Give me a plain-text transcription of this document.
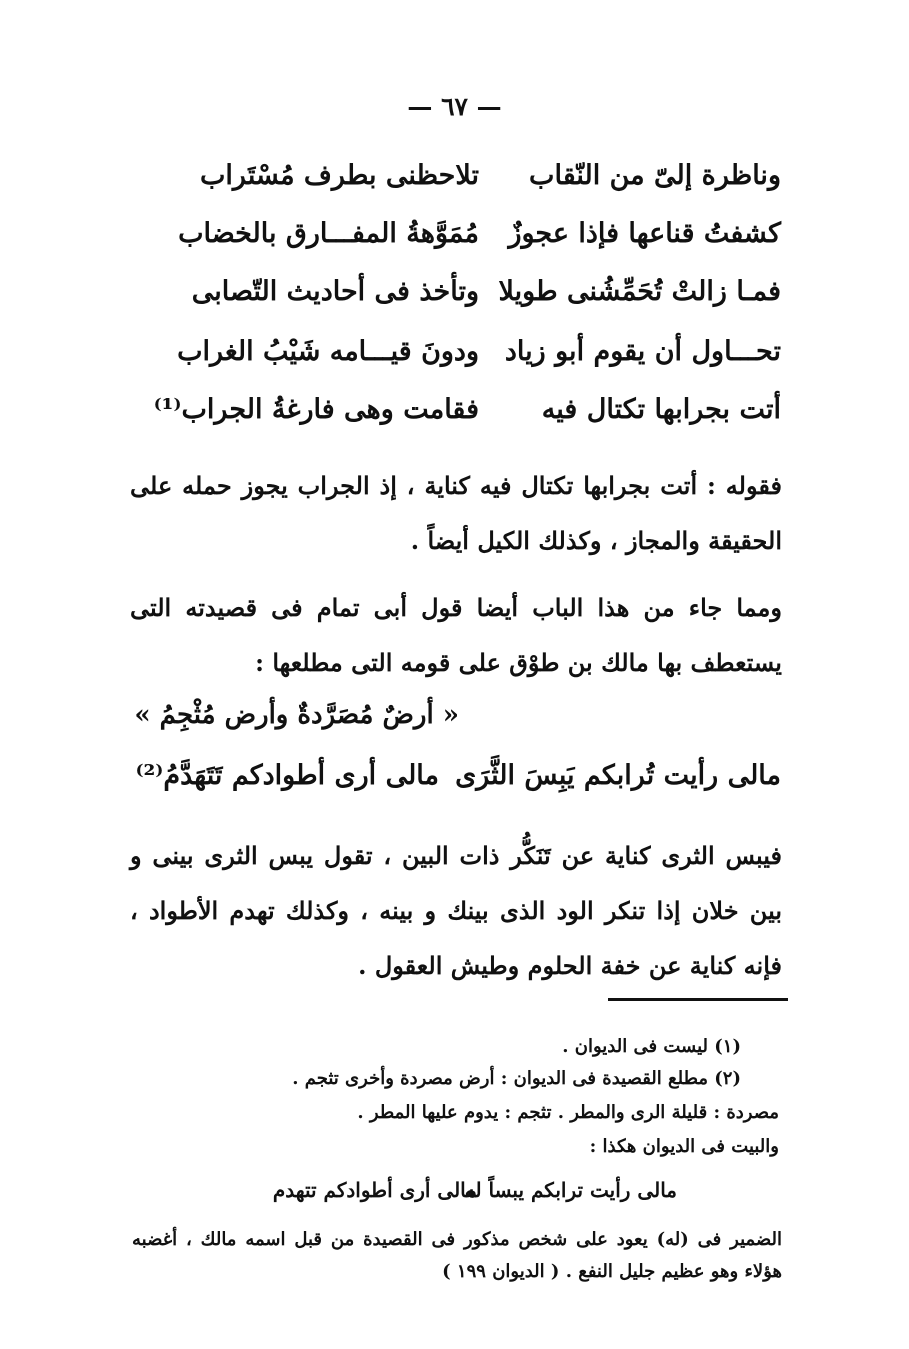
— ٦٧ —
وناظرة إلىّ من النّقاب
تلاحظنى بطرف مُسْتَراب
كشفتُ قناعها فإذا عجوزٌ
مُمَوَّهةُ المفـــارق بالخضاب
فمـا زالتْ تُحَمِّشُنى طويلا
وتأخذ فى أحاديث التّصابى
تحـــاول أن يقوم أبو زياد
ودونَ قيـــامه شَيْبُ الغراب
أتت بجرابها تكتال فيه
فقامت وهى فارغةُ الجراب⁽¹⁾
فقوله : أتت بجرابها تكتال فيه كناية ، إذ الجراب يجوز حمله على الحقيقة والمجاز ، وكذلك الكيل أيضاً .
ومما جاء من هذا الباب أيضا قول أبى تمام فى قصيدته التى يستعطف بها مالك بن طوْق على قومه التى مطلعها :
« أرضٌ مُصَرَّدةٌ وأرض مُثْجِمُ »
مالى رأيت تُرابكم يَبِسَ الثَّرَى
مالى أرى أطوادكم تَتَهَدَّمُ⁽²⁾
فيبس الثرى كناية عن تَنَكُّر ذات البين ، تقول يبس الثرى بينى و بين خلان إذا تنكر الود الذى بينك و بينه ، وكذلك تهدم الأطواد ، فإنه كناية عن خفة الحلوم وطيش العقول .
(١) ليست فى الديوان .
(٢) مطلع القصيدة فى الديوان : أرض مصردة وأخرى تثجم .
مصردة : قليلة الرى والمطر . تثجم : يدوم عليها المطر .
والبيت فى الديوان هكذا :
مالى رأيت ترابكم يبساً له
مالى أرى أطوادكم تتهدم
الضمير فى (له) يعود على شخص مذكور فى القصيدة من قبل اسمه مالك ، أغضبه هؤلاء وهو عظيم جليل النفع . ( الديوان ١٩٩ )
